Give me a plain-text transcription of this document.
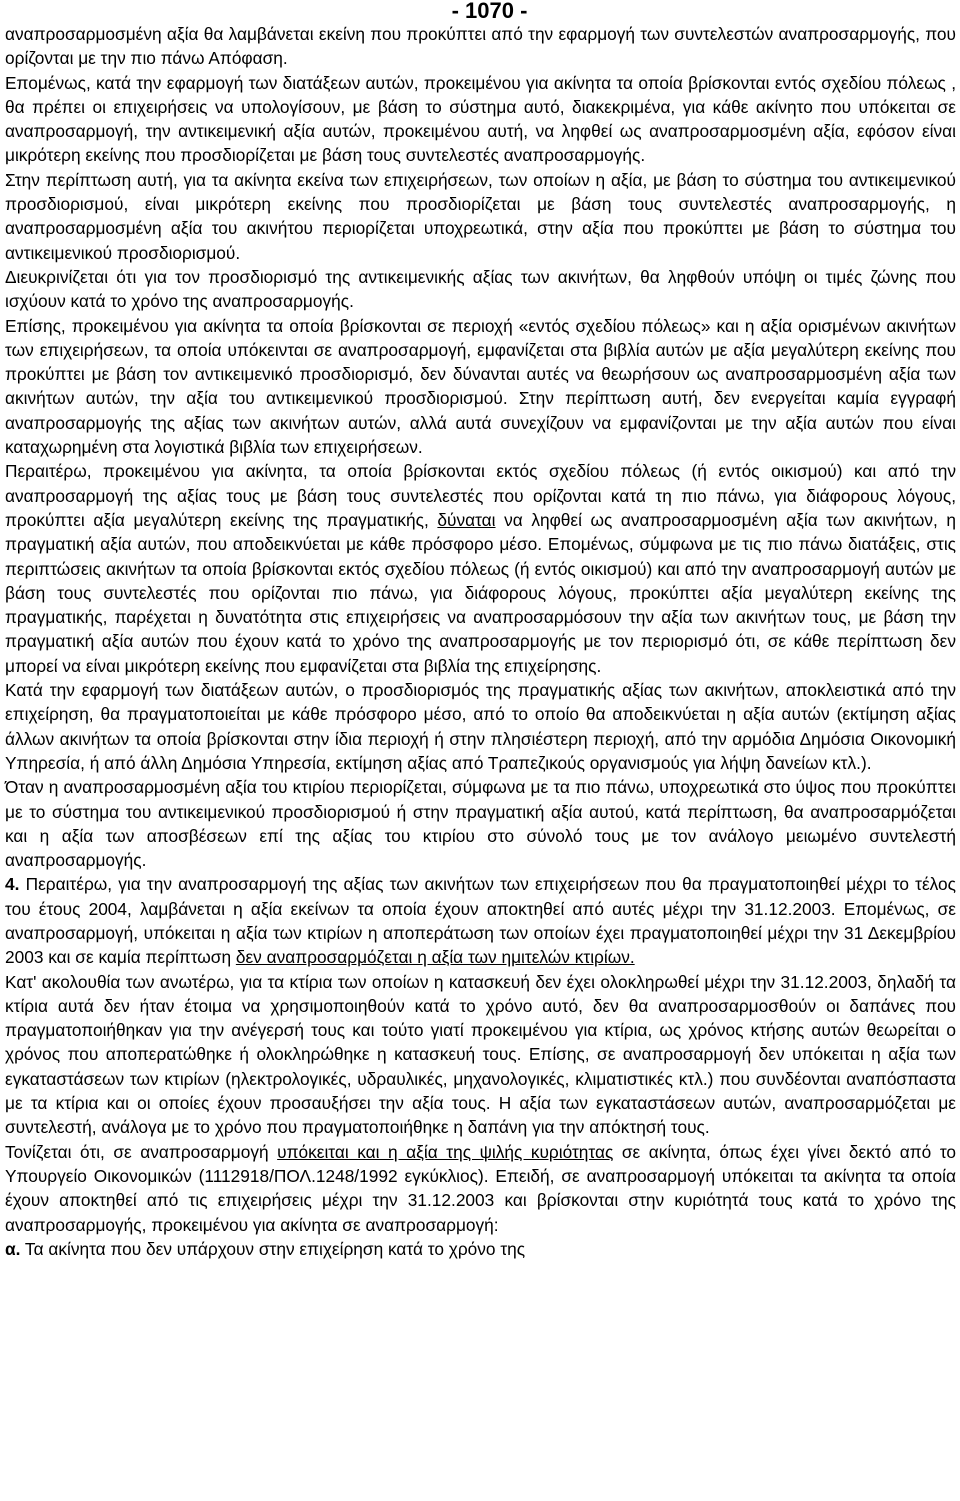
- 1070 -

αναπροσαρμοσμένη αξία θα λαμβάνεται εκείνη που προκύπτει από την εφαρμογή των συντελεστών αναπροσαρμογής, που ορίζονται με την πιο πάνω Απόφαση.

Επομένως, κατά την εφαρμογή των διατάξεων αυτών, προκειμένου για ακίνητα τα οποία βρίσκονται εντός σχεδίου πόλεως , θα πρέπει οι επιχειρήσεις να υπολογίσουν, με βάση το σύστημα αυτό, διακεκριμένα, για κάθε ακίνητο που υπόκειται σε αναπροσαρμογή, την αντικειμενική αξία αυτών, προκειμένου αυτή, να ληφθεί ως αναπροσαρμοσμένη αξία, εφόσον είναι μικρότερη εκείνης που προσδιορίζεται με βάση τους συντελεστές αναπροσαρμογής.

Στην περίπτωση αυτή, για τα ακίνητα εκείνα των επιχειρήσεων, των οποίων η αξία, με βάση το σύστημα του αντικειμενικού προσδιορισμού, είναι μικρότερη εκείνης που προσδιορίζεται με βάση τους συντελεστές αναπροσαρμογής, η αναπροσαρμοσμένη αξία του ακινήτου περιορίζεται υποχρεωτικά, στην αξία που προκύπτει με βάση το σύστημα του αντικειμενικού προσδιορισμού.

Διευκρινίζεται ότι για τον προσδιορισμό της αντικειμενικής αξίας των ακινήτων, θα ληφθούν υπόψη οι τιμές ζώνης που ισχύουν κατά το χρόνο της αναπροσαρμογής.

Επίσης, προκειμένου για ακίνητα τα οποία βρίσκονται σε περιοχή «εντός σχεδίου πόλεως» και η αξία ορισμένων ακινήτων των επιχειρήσεων, τα οποία υπόκεινται σε αναπροσαρμογή, εμφανίζεται στα βιβλία αυτών με αξία μεγαλύτερη εκείνης που προκύπτει με βάση τον αντικειμενικό προσδιορισμό, δεν δύνανται αυτές να θεωρήσουν ως αναπροσαρμοσμένη αξία των ακινήτων αυτών, την αξία του αντικειμενικού προσδιορισμού. Στην περίπτωση αυτή, δεν ενεργείται καμία εγγραφή αναπροσαρμογής της αξίας των ακινήτων αυτών, αλλά αυτά συνεχίζουν να εμφανίζονται με την αξία αυτών που είναι καταχωρημένη στα λογιστικά βιβλία των επιχειρήσεων.

Περαιτέρω, προκειμένου για ακίνητα, τα οποία βρίσκονται εκτός σχεδίου πόλεως (ή εντός οικισμού) και από την αναπροσαρμογή της αξίας τους με βάση τους συντελεστές που ορίζονται κατά τη πιο πάνω, για διάφορους λόγους, προκύπτει αξία μεγαλύτερη εκείνης της πραγματικής, δύναται να ληφθεί ως αναπροσαρμοσμένη αξία των ακινήτων, η πραγματική αξία αυτών, που αποδεικνύεται με κάθε πρόσφορο μέσο. Επομένως, σύμφωνα με τις πιο πάνω διατάξεις, στις περιπτώσεις ακινήτων τα οποία βρίσκονται εκτός σχεδίου πόλεως (ή εντός οικισμού) και από την αναπροσαρμογή αυτών με βάση τους συντελεστές που ορίζονται πιο πάνω, για διάφορους λόγους, προκύπτει αξία μεγαλύτερη εκείνης της πραγματικής, παρέχεται η δυνατότητα στις επιχειρήσεις να αναπροσαρμόσουν την αξία των ακινήτων τους, με βάση την πραγματική αξία αυτών που έχουν κατά το χρόνο της αναπροσαρμογής με τον περιορισμό ότι, σε κάθε περίπτωση δεν μπορεί να είναι μικρότερη εκείνης που εμφανίζεται στα βιβλία της επιχείρησης.

Κατά την εφαρμογή των διατάξεων αυτών, ο προσδιορισμός της πραγματικής αξίας των ακινήτων, αποκλειστικά από την επιχείρηση, θα πραγματοποιείται με κάθε πρόσφορο μέσο, από το οποίο θα αποδεικνύεται η αξία αυτών (εκτίμηση αξίας άλλων ακινήτων τα οποία βρίσκονται στην ίδια περιοχή ή στην πλησιέστερη περιοχή, από την αρμόδια Δημόσια Οικονομική Υπηρεσία, ή από άλλη Δημόσια Υπηρεσία, εκτίμηση αξίας από Τραπεζικούς οργανισμούς για λήψη δανείων κτλ.).

Όταν η αναπροσαρμοσμένη αξία του κτιρίου περιορίζεται, σύμφωνα με τα πιο πάνω, υποχρεωτικά στο ύψος που προκύπτει με το σύστημα του αντικειμενικού προσδιορισμού ή στην πραγματική αξία αυτού, κατά περίπτωση, θα αναπροσαρμόζεται και η αξία των αποσβέσεων επί της αξίας του κτιρίου στο σύνολό τους με τον ανάλογο μειωμένο συντελεστή αναπροσαρμογής.

4. Περαιτέρω, για την αναπροσαρμογή της αξίας των ακινήτων των επιχειρήσεων που θα πραγματοποιηθεί μέχρι το τέλος του έτους 2004, λαμβάνεται η αξία εκείνων τα οποία έχουν αποκτηθεί από αυτές μέχρι την 31.12.2003. Επομένως, σε αναπροσαρμογή, υπόκειται η αξία των κτιρίων η αποπεράτωση των οποίων έχει πραγματοποιηθεί μέχρι την 31 Δεκεμβρίου 2003 και σε καμία περίπτωση δεν αναπροσαρμόζεται η αξία των ημιτελών κτιρίων.

Κατ' ακολουθία των ανωτέρω, για τα κτίρια των οποίων η κατασκευή δεν έχει ολοκληρωθεί μέχρι την 31.12.2003, δηλαδή τα κτίρια αυτά δεν ήταν έτοιμα να χρησιμοποιηθούν κατά το χρόνο αυτό, δεν θα αναπροσαρμοσθούν οι δαπάνες που πραγματοποιήθηκαν για την ανέγερσή τους και τούτο γιατί προκειμένου για κτίρια, ως χρόνος κτήσης αυτών θεωρείται ο χρόνος που αποπερατώθηκε ή ολοκληρώθηκε η κατασκευή τους. Επίσης, σε αναπροσαρμογή δεν υπόκειται η αξία των εγκαταστάσεων των κτιρίων (ηλεκτρολογικές, υδραυλικές, μηχανολογικές, κλιματιστικές κτλ.) που συνδέονται αναπόσπαστα με τα κτίρια και οι οποίες έχουν προσαυξήσει την αξία τους. Η αξία των εγκαταστάσεων αυτών, αναπροσαρμόζεται με συντελεστή, ανάλογα με το χρόνο που πραγματοποιήθηκε η δαπάνη για την απόκτησή τους.

Τονίζεται ότι, σε αναπροσαρμογή υπόκειται και η αξία της ψιλής κυριότητας σε ακίνητα, όπως έχει γίνει δεκτό από το Υπουργείο Οικονομικών (1112918/ΠΟΛ.1248/1992 εγκύκλιος). Επειδή, σε αναπροσαρμογή υπόκειται τα ακίνητα τα οποία έχουν αποκτηθεί από τις επιχειρήσεις μέχρι την 31.12.2003 και βρίσκονται στην κυριότητά τους κατά το χρόνο της αναπροσαρμογής, προκειμένου για ακίνητα σε αναπροσαρμογή:

α. Τα ακίνητα που δεν υπάρχουν στην επιχείρηση κατά το χρόνο της
